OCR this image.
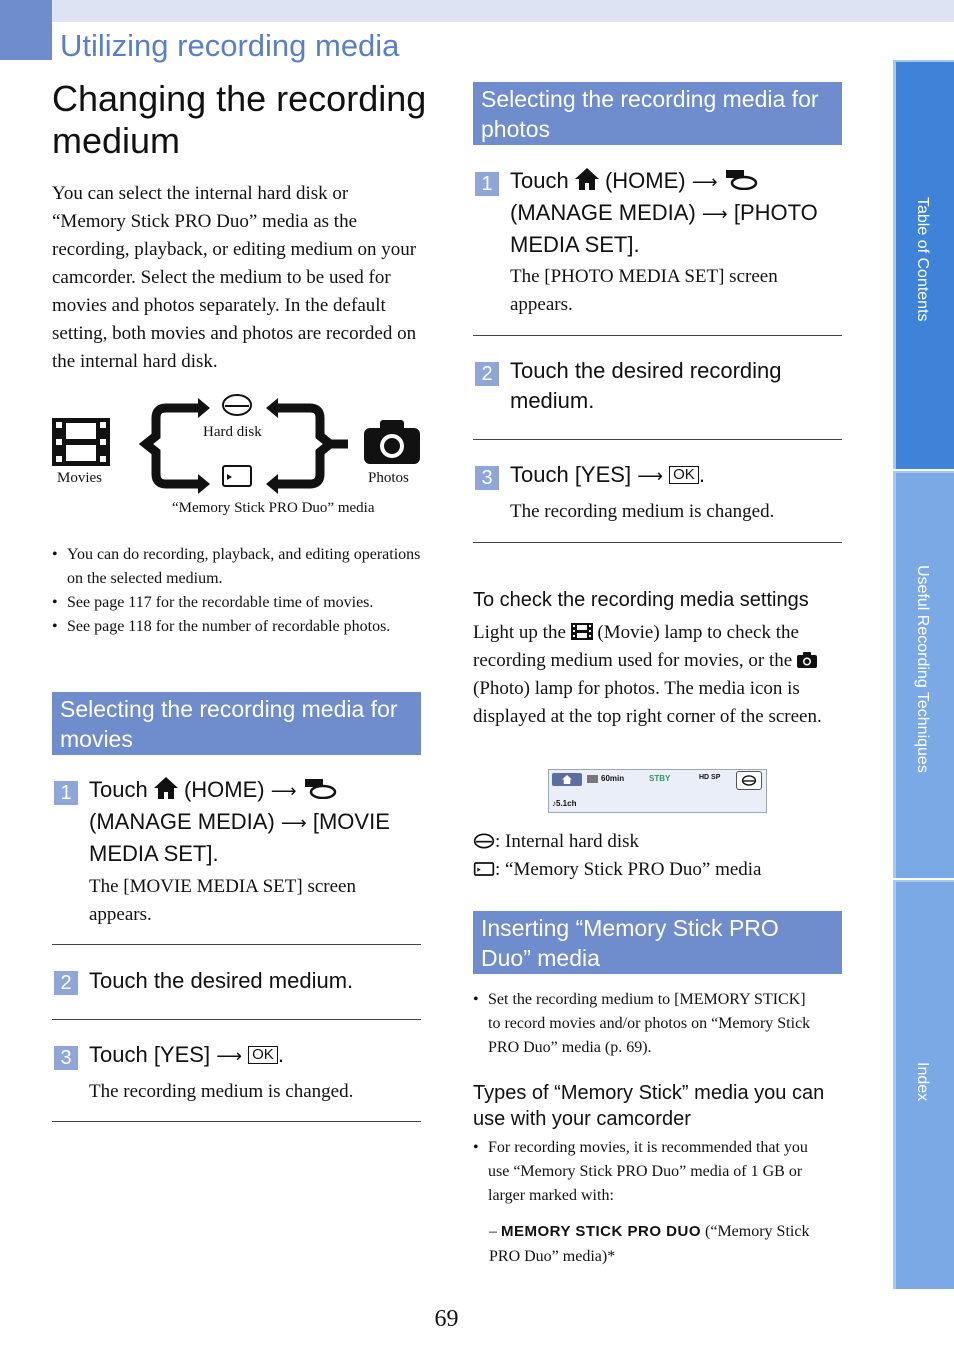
Utilizing recording media
Changing the recording medium
You can select the internal hard disk or “Memory Stick PRO Duo” media as the recording, playback, or editing medium on your camcorder. Select the medium to be used for movies and photos separately. In the default setting, both movies and photos are recorded on the internal hard disk.
Movies
Hard disk
Photos
“Memory Stick PRO Duo” media
• You can do recording, playback, and editing operations on the selected medium.
• See page 117 for the recordable time of movies.
• See page 118 for the number of recordable photos.
Selecting the recording media for movies
1 Touch (HOME) ⟶  (MANAGE MEDIA) ⟶ [MOVIE MEDIA SET].
The [MOVIE MEDIA SET] screen appears.
2 Touch the desired medium.
3 Touch [YES] ⟶ OK .
The recording medium is changed.
Selecting the recording media for photos
1 Touch (HOME) ⟶  (MANAGE MEDIA) ⟶ [PHOTO MEDIA SET].
The [PHOTO MEDIA SET] screen appears.
2 Touch the desired recording medium.
3 Touch [YES] ⟶ OK .
The recording medium is changed.
To check the recording media settings
Light up the (Movie) lamp to check the recording medium used for movies, or the  (Photo) lamp for photos. The media icon is displayed at the top right corner of the screen.
60min	STBY	HD SP
♪5.1ch
: Internal hard disk
: “Memory Stick PRO Duo” media
Inserting “Memory Stick PRO Duo” media
• Set the recording medium to [MEMORY STICK] to record movies and/or photos on “Memory Stick PRO Duo” media (p. 69).
Types of “Memory Stick” media you can use with your camcorder
• For recording movies, it is recommended that you use “Memory Stick PRO Duo” media of 1 GB or larger marked with:
– MEMORY STICK PRO DUO (“Memory Stick PRO Duo” media)*
Table of Contents
Useful Recording Techniques
Index
69
